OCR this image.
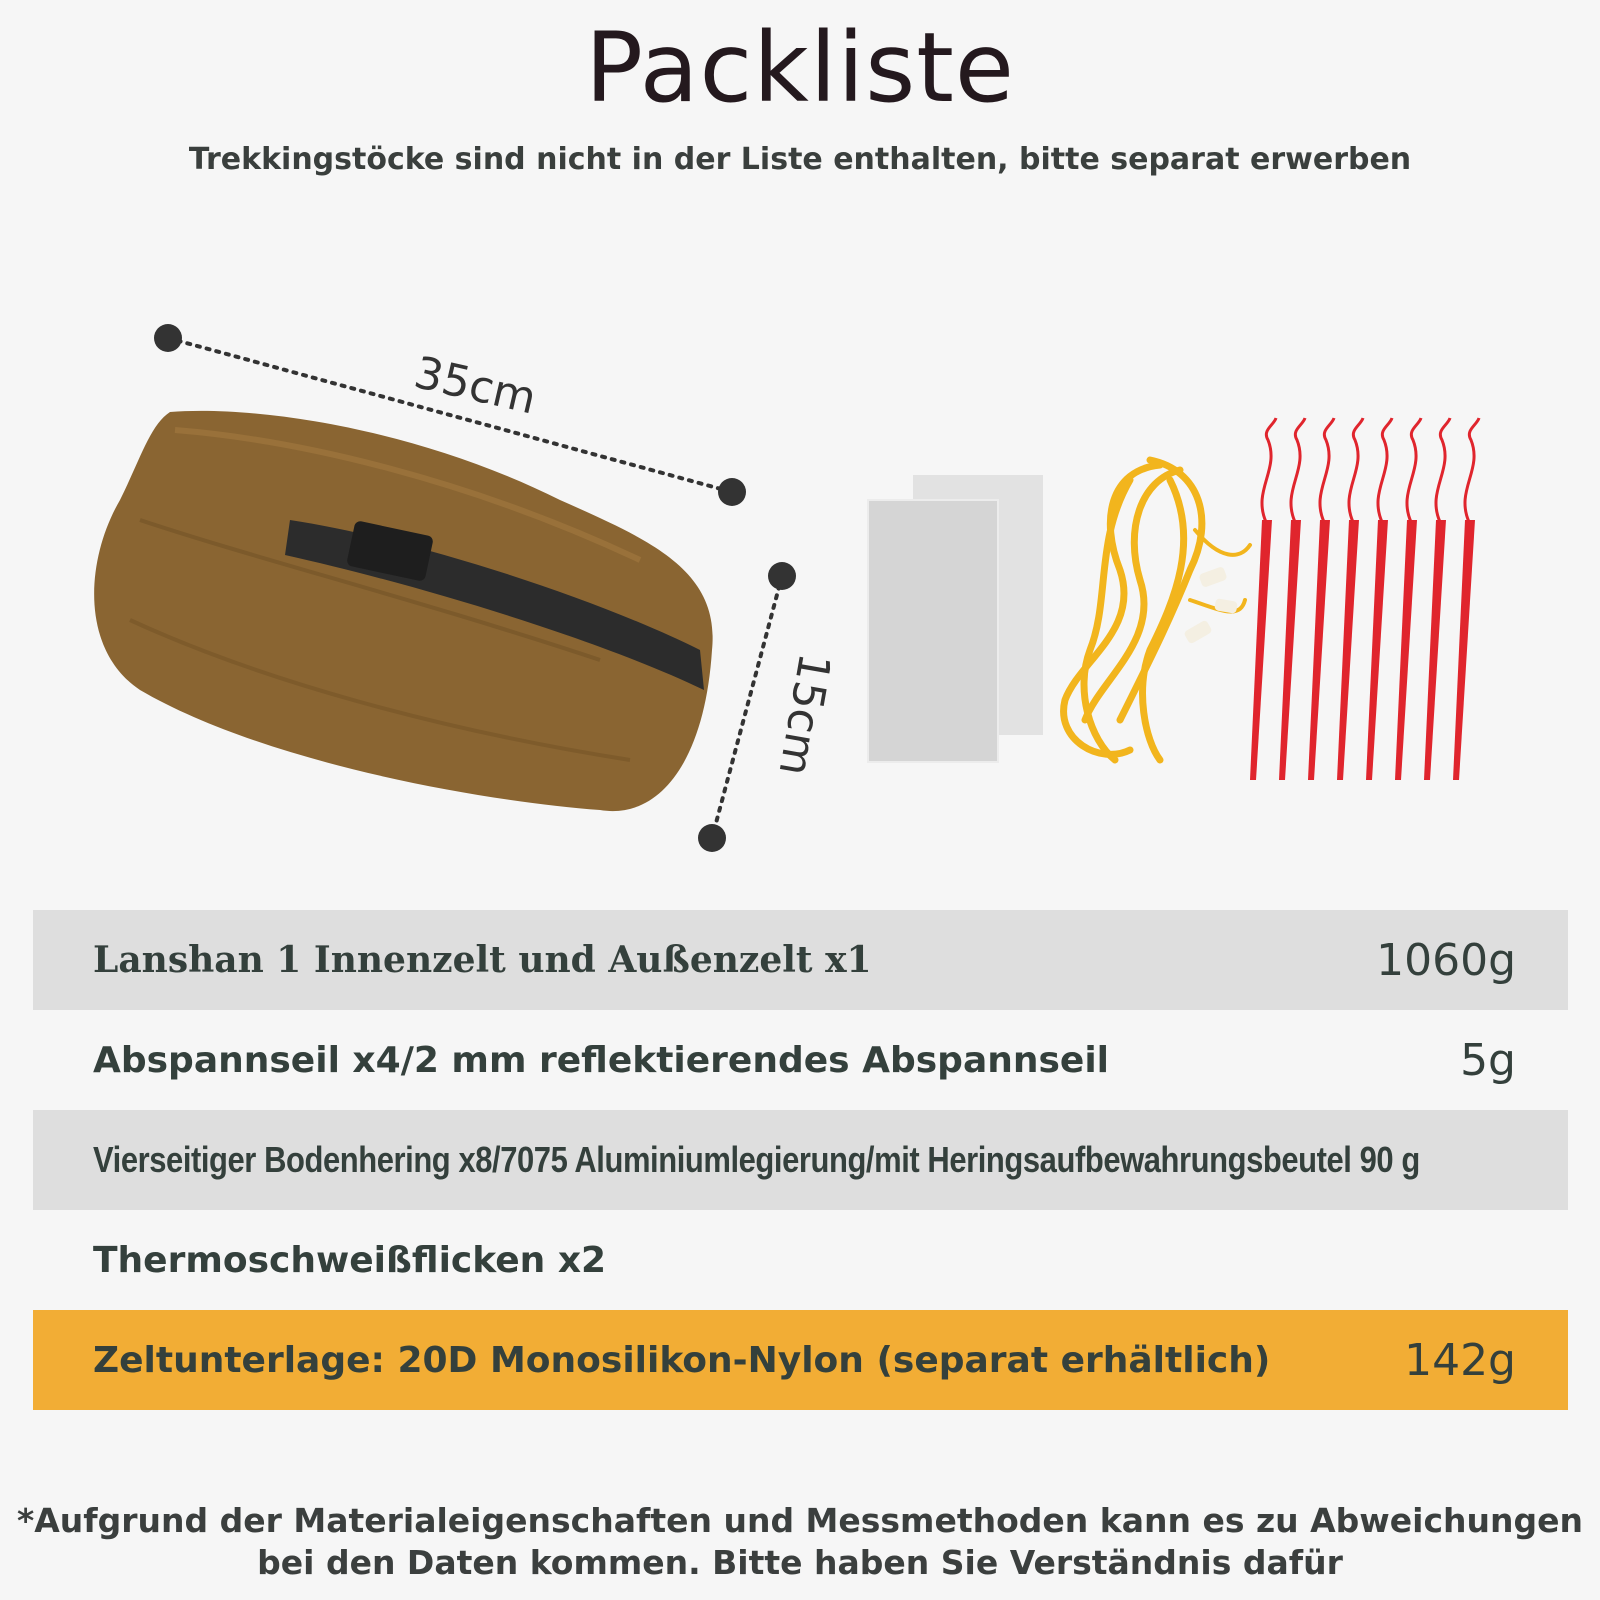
Packliste
Trekkingstöcke sind nicht in der Liste enthalten, bitte separat erwerben
35cm
15cm
Lanshan 1 Innenzelt und Außenzelt x1	1060g
Abspannseil x4/2 mm reflektierendes Abspannseil	5g
Vierseitiger Bodenhering x8/7075 Aluminiumlegierung/mit Heringsaufbewahrungsbeutel 90 g
Thermoschweißflicken x2
Zeltunterlage: 20D Monosilikon-Nylon (separat erhältlich)	142g
*Aufgrund der Materialeigenschaften und Messmethoden kann es zu Abweichungen
bei den Daten kommen. Bitte haben Sie Verständnis dafür
